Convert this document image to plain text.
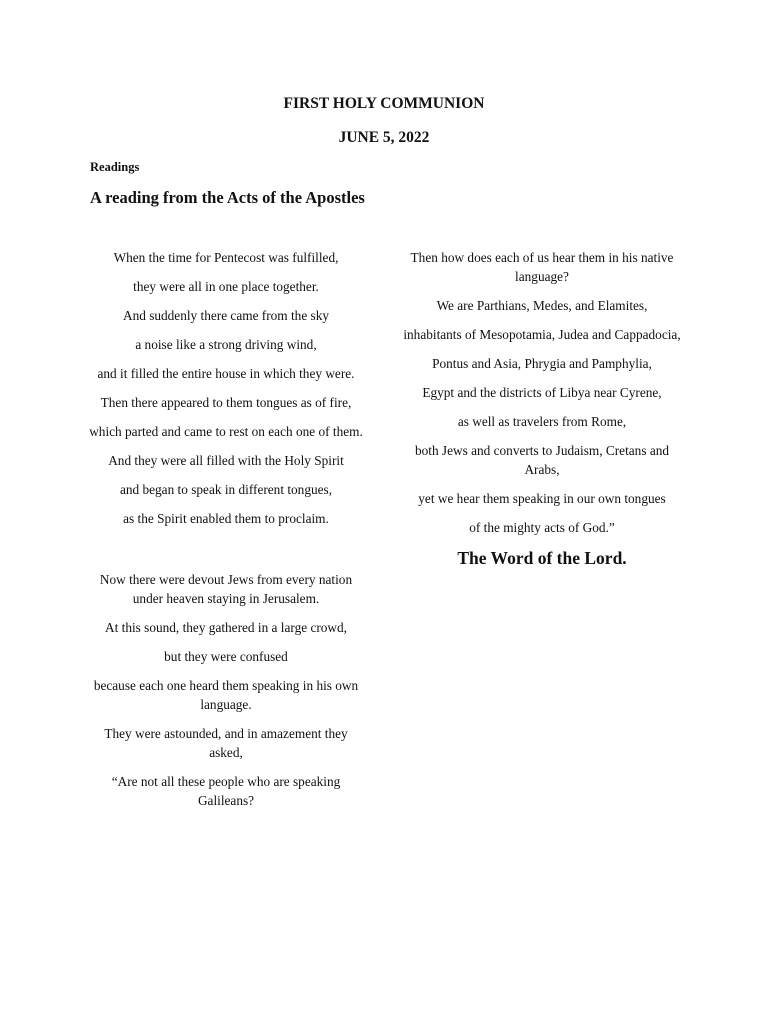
FIRST HOLY COMMUNION
JUNE 5, 2022

Readings

A reading from the Acts of the Apostles

When the time for Pentecost was fulfilled,

they were all in one place together.

And suddenly there came from the sky

a noise like a strong driving wind,

and it filled the entire house in which they were.

Then there appeared to them tongues as of fire,

which parted and came to rest on each one of them.

And they were all filled with the Holy Spirit

and began to speak in different tongues,

as the Spirit enabled them to proclaim.

Now there were devout Jews from every nation under heaven staying in Jerusalem.

At this sound, they gathered in a large crowd,

but they were confused

because each one heard them speaking in his own language.

They were astounded, and in amazement they asked,

“Are not all these people who are speaking Galileans?

Then how does each of us hear them in his native language?

We are Parthians, Medes, and Elamites,

inhabitants of Mesopotamia, Judea and Cappadocia,

Pontus and Asia, Phrygia and Pamphylia,

Egypt and the districts of Libya near Cyrene,

as well as travelers from Rome,

both Jews and converts to Judaism, Cretans and Arabs,

yet we hear them speaking in our own tongues

of the mighty acts of God.”

The Word of the Lord.
